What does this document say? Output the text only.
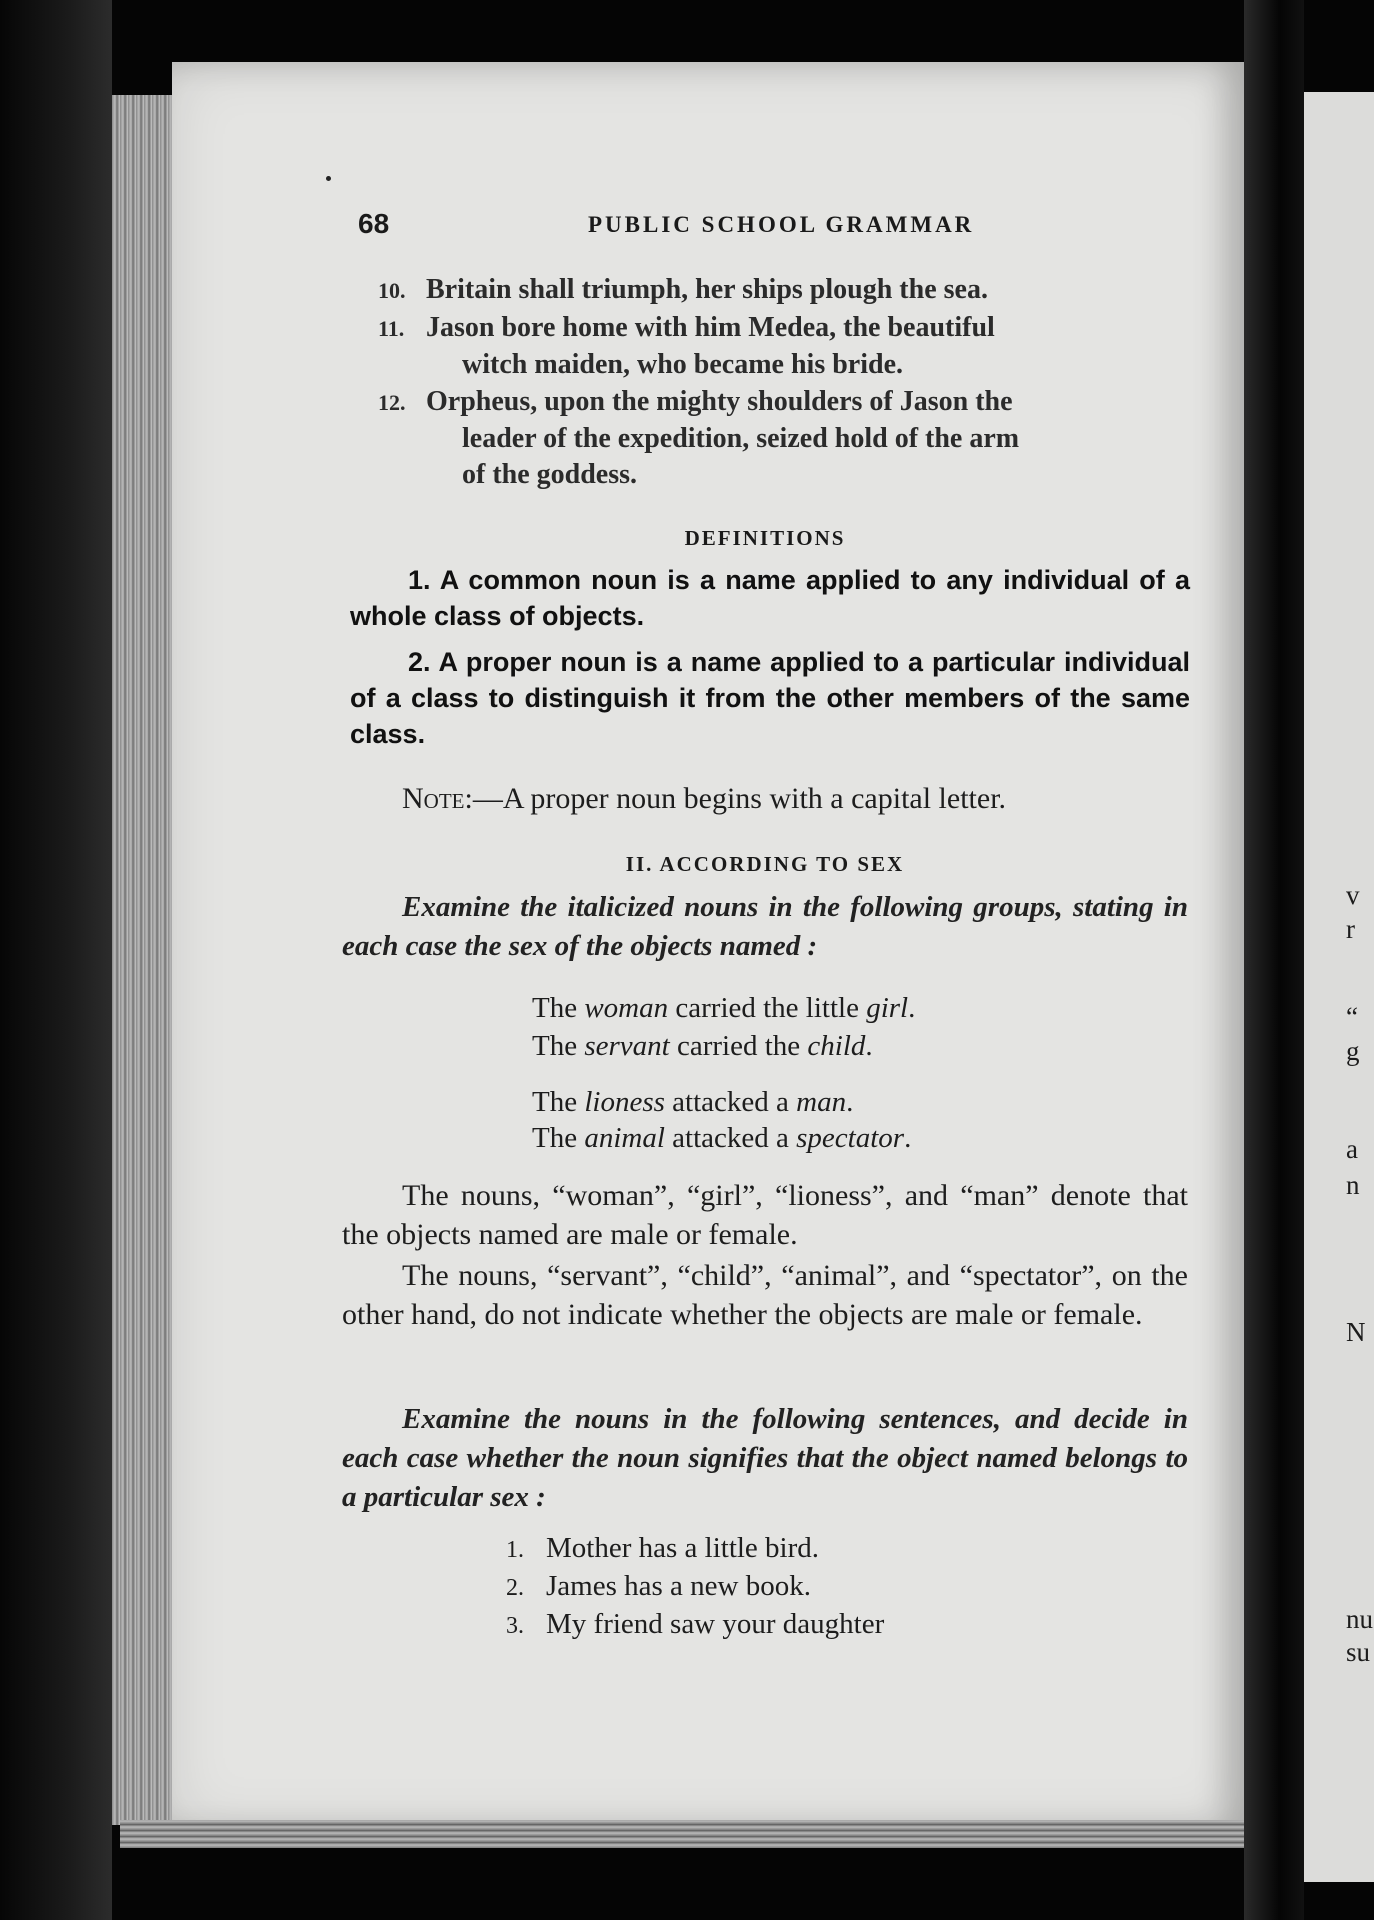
v
r
“
g
a
n
N
nu
su
68	PUBLIC SCHOOL GRAMMAR
10. Britain shall triumph, her ships plough the sea.
11. Jason bore home with him Medea, the beautiful
witch maiden, who became his bride.
12. Orpheus, upon the mighty shoulders of Jason the
leader of the expedition, seized hold of the arm
of the goddess.
DEFINITIONS
1. A common noun is a name applied to any individual of a whole class of objects.
2. A proper noun is a name applied to a particular individual of a class to distinguish it from the other members of the same class.
Note:—A proper noun begins with a capital letter.
II. ACCORDING TO SEX
Examine the italicized nouns in the following groups, stating in each case the sex of the objects named :
The woman carried the little girl.
The servant carried the child.
The lioness attacked a man.
The animal attacked a spectator.
The nouns, “woman”, “girl”, “lioness”, and “man” denote that the objects named are male or female.
The nouns, “servant”, “child”, “animal”, and “spectator”, on the other hand, do not indicate whether the objects are male or female.
Examine the nouns in the following sentences, and decide in each case whether the noun signifies that the object named belongs to a particular sex :
1. Mother has a little bird.
2. James has a new book.
3. My friend saw your daughter
